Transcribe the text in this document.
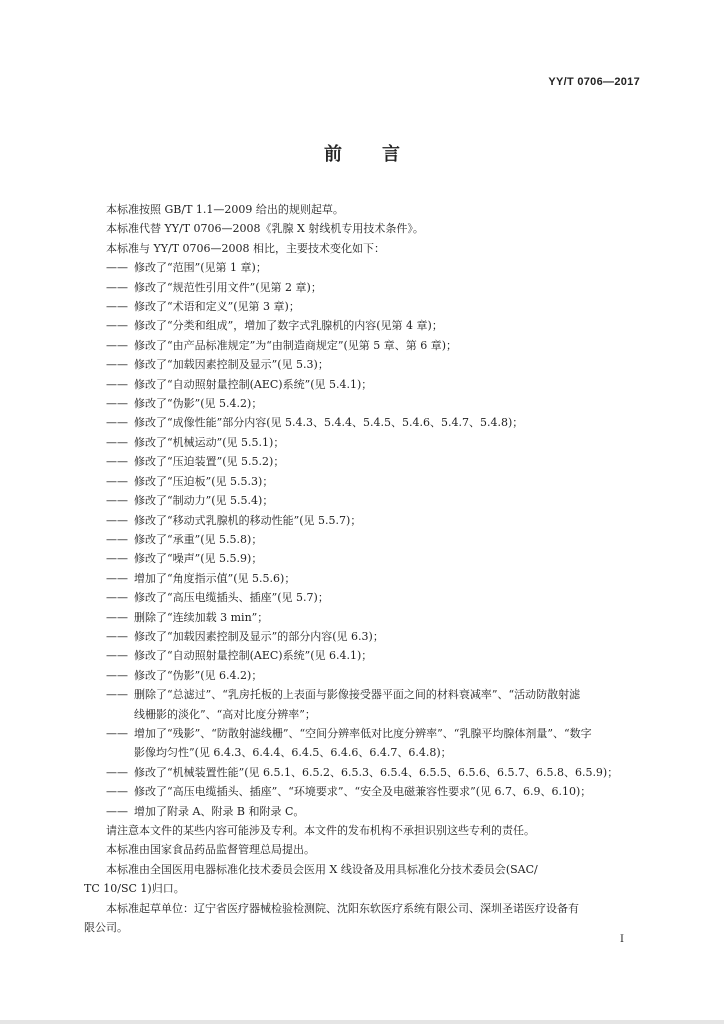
YY/T 0706—2017
前言

本标准按照 GB/T 1.1—2009 给出的规则起草。

本标准代替 YY/T 0706—2008《乳腺 X 射线机专用技术条件》。

本标准与 YY/T 0706—2008 相比，主要技术变化如下：

—— 修改了“范围”(见第 1 章)；

—— 修改了“规范性引用文件”(见第 2 章)；

—— 修改了“术语和定义”(见第 3 章)；

—— 修改了“分类和组成”，增加了数字式乳腺机的内容(见第 4 章)；

—— 修改了“由产品标准规定”为“由制造商规定”(见第 5 章、第 6 章)；

—— 修改了“加载因素控制及显示”(见 5.3)；

—— 修改了“自动照射量控制(AEC)系统”(见 5.4.1)；

—— 修改了“伪影”(见 5.4.2)；

—— 修改了“成像性能”部分内容(见 5.4.3、5.4.4、5.4.5、5.4.6、5.4.7、5.4.8)；

—— 修改了“机械运动”(见 5.5.1)；

—— 修改了“压迫装置”(见 5.5.2)；

—— 修改了“压迫板”(见 5.5.3)；

—— 修改了“制动力”(见 5.5.4)；

—— 修改了“移动式乳腺机的移动性能”(见 5.5.7)；

—— 修改了“承重”(见 5.5.8)；

—— 修改了“噪声”(见 5.5.9)；

—— 增加了“角度指示值”(见 5.5.6)；

—— 修改了“高压电缆插头、插座”(见 5.7)；

—— 删除了“连续加载 3 min”；

—— 修改了“加载因素控制及显示”的部分内容(见 6.3)；

—— 修改了“自动照射量控制(AEC)系统”(见 6.4.1)；

—— 修改了“伪影”(见 6.4.2)；

—— 删除了“总滤过”、“乳房托板的上表面与影像接受器平面之间的材料衰减率”、“活动防散射滤

线栅影的淡化”、“高对比度分辨率”；

—— 增加了“残影”、“防散射滤线栅”、“空间分辨率低对比度分辨率”、“乳腺平均腺体剂量”、“数字

影像均匀性”(见 6.4.3、6.4.4、6.4.5、6.4.6、6.4.7、6.4.8)；

—— 修改了“机械装置性能”(见 6.5.1、6.5.2、6.5.3、6.5.4、6.5.5、6.5.6、6.5.7、6.5.8、6.5.9)；

—— 修改了“高压电缆插头、插座”、“环境要求”、“安全及电磁兼容性要求”(见 6.7、6.9、6.10)；

—— 增加了附录 A、附录 B 和附录 C。

请注意本文件的某些内容可能涉及专利。本文件的发布机构不承担识别这些专利的责任。

本标准由国家食品药品监督管理总局提出。

本标准由全国医用电器标准化技术委员会医用 X 线设备及用具标准化分技术委员会(SAC/

TC 10/SC 1)归口。

本标准起草单位：辽宁省医疗器械检验检测院、沈阳东软医疗系统有限公司、深圳圣诺医疗设备有

限公司。

I
